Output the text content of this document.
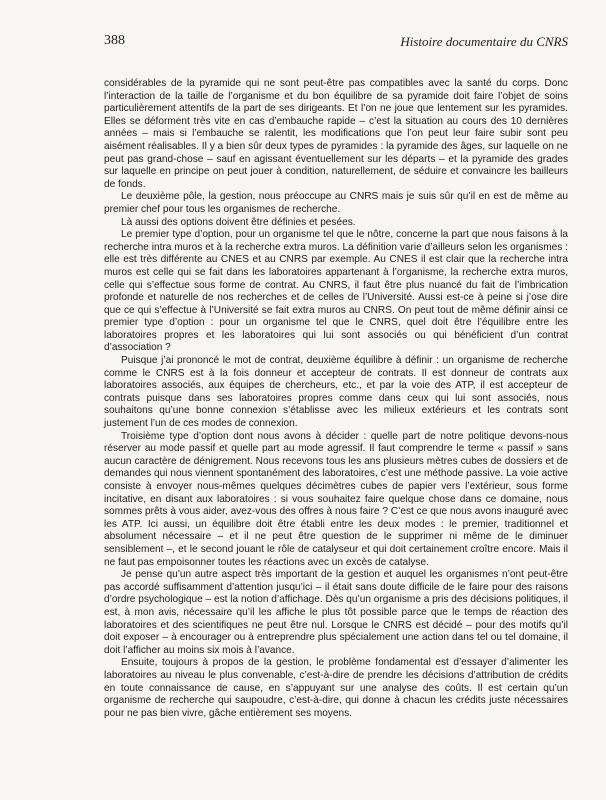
388	Histoire documentaire du CNRS

considérables de la pyramide qui ne sont peut-être pas compatibles avec la santé du corps. Donc l’interaction de la taille de l’organisme et du bon équilibre de sa pyramide doit faire l’objet de soins particulièrement attentifs de la part de ses dirigeants. Et l’on ne joue que lentement sur les pyramides. Elles se déforment très vite en cas d’embauche rapide – c’est la situation au cours des 10 dernières années – mais si l’embauche se ralentit, les modifications que l’on peut leur faire subir sont peu aisément réalisables. Il y a bien sûr deux types de pyramides : la pyramide des âges, sur laquelle on ne peut pas grand-chose – sauf en agissant éventuellement sur les départs – et la pyramide des grades sur laquelle en principe on peut jouer à condition, naturellement, de séduire et convaincre les bailleurs de fonds.

Le deuxième pôle, la gestion, nous préoccupe au CNRS mais je suis sûr qu’il en est de même au premier chef pour tous les organismes de recherche.

Là aussi des options doivent être définies et pesées.

Le premier type d’option, pour un organisme tel que le nôtre, concerne la part que nous faisons à la recherche intra muros et à la recherche extra muros. La définition varie d’ailleurs selon les organismes : elle est très différente au CNES et au CNRS par exemple. Au CNES il est clair que la recherche intra muros est celle qui se fait dans les laboratoires appartenant à l’organisme, la recherche extra muros, celle qui s’effectue sous forme de contrat. Au CNRS, il faut être plus nuancé du fait de l’imbrication profonde et naturelle de nos recherches et de celles de l’Université. Aussi est-ce à peine si j’ose dire que ce qui s’effectue à l’Université se fait extra muros au CNRS. On peut tout de même définir ainsi ce premier type d’option : pour un organisme tel que le CNRS, quel doit être l’équilibre entre les laboratoires propres et les laboratoires qui lui sont associés ou qui bénéficient d’un contrat d’association ?

Puisque j’ai prononcé le mot de contrat, deuxième équilibre à définir : un organisme de recherche comme le CNRS est à la fois donneur et accepteur de contrats. Il est donneur de contrats aux laboratoires associés, aux équipes de chercheurs, etc., et par la voie des ATP, il est accepteur de contrats puisque dans ses laboratoires propres comme dans ceux qui lui sont associés, nous souhaitons qu’une bonne connexion s’établisse avec les milieux extérieurs et les contrats sont justement l’un de ces modes de connexion.

Troisième type d’option dont nous avons à décider : quelle part de notre politique devons-nous réserver au mode passif et quelle part au mode agressif. Il faut comprendre le terme « passif » sans aucun caractère de dénigrement. Nous recevons tous les ans plusieurs mètres cubes de dossiers et de demandes qui nous viennent spontanément des laboratoires, c’est une méthode passive. La voie active consiste à envoyer nous-mêmes quelques décimètres cubes de papier vers l’extérieur, sous forme incitative, en disant aux laboratoires : si vous souhaitez faire quelque chose dans ce domaine, nous sommes prêts à vous aider, avez-vous des offres à nous faire ? C’est ce que nous avons inauguré avec les ATP. Ici aussi, un équilibre doit être établi entre les deux modes : le premier, traditionnel et absolument nécessaire – et il ne peut être question de le supprimer ni même de le diminuer sensiblement –, et le second jouant le rôle de catalyseur et qui doit certainement croître encore. Mais il ne faut pas empoisonner toutes les réactions avec un excès de catalyse.

Je pense qu’un autre aspect très important de la gestion et auquel les organismes n’ont peut-être pas accordé suffisamment d’attention jusqu’ici – il était sans doute difficile de le faire pour des raisons d’ordre psychologique – est la notion d’affichage. Dès qu’un organisme a pris des décisions politiques, il est, à mon avis, nécessaire qu’il les affiche le plus tôt possible parce que le temps de réaction des laboratoires et des scientifiques ne peut être nul. Lorsque le CNRS est décidé – pour des motifs qu’il doit exposer – à encourager ou à entreprendre plus spécialement une action dans tel ou tel domaine, il doit l’afficher au moins six mois à l’avance.

Ensuite, toujours à propos de la gestion, le problème fondamental est d’essayer d’alimenter les laboratoires au niveau le plus convenable, c’est-à-dire de prendre les décisions d’attribution de crédits en toute connaissance de cause, en s’appuyant sur une analyse des coûts. Il est certain qu’un organisme de recherche qui saupoudre, c’est-à-dire, qui donne à chacun les crédits juste nécessaires pour ne pas bien vivre, gâche entièrement ses moyens.
